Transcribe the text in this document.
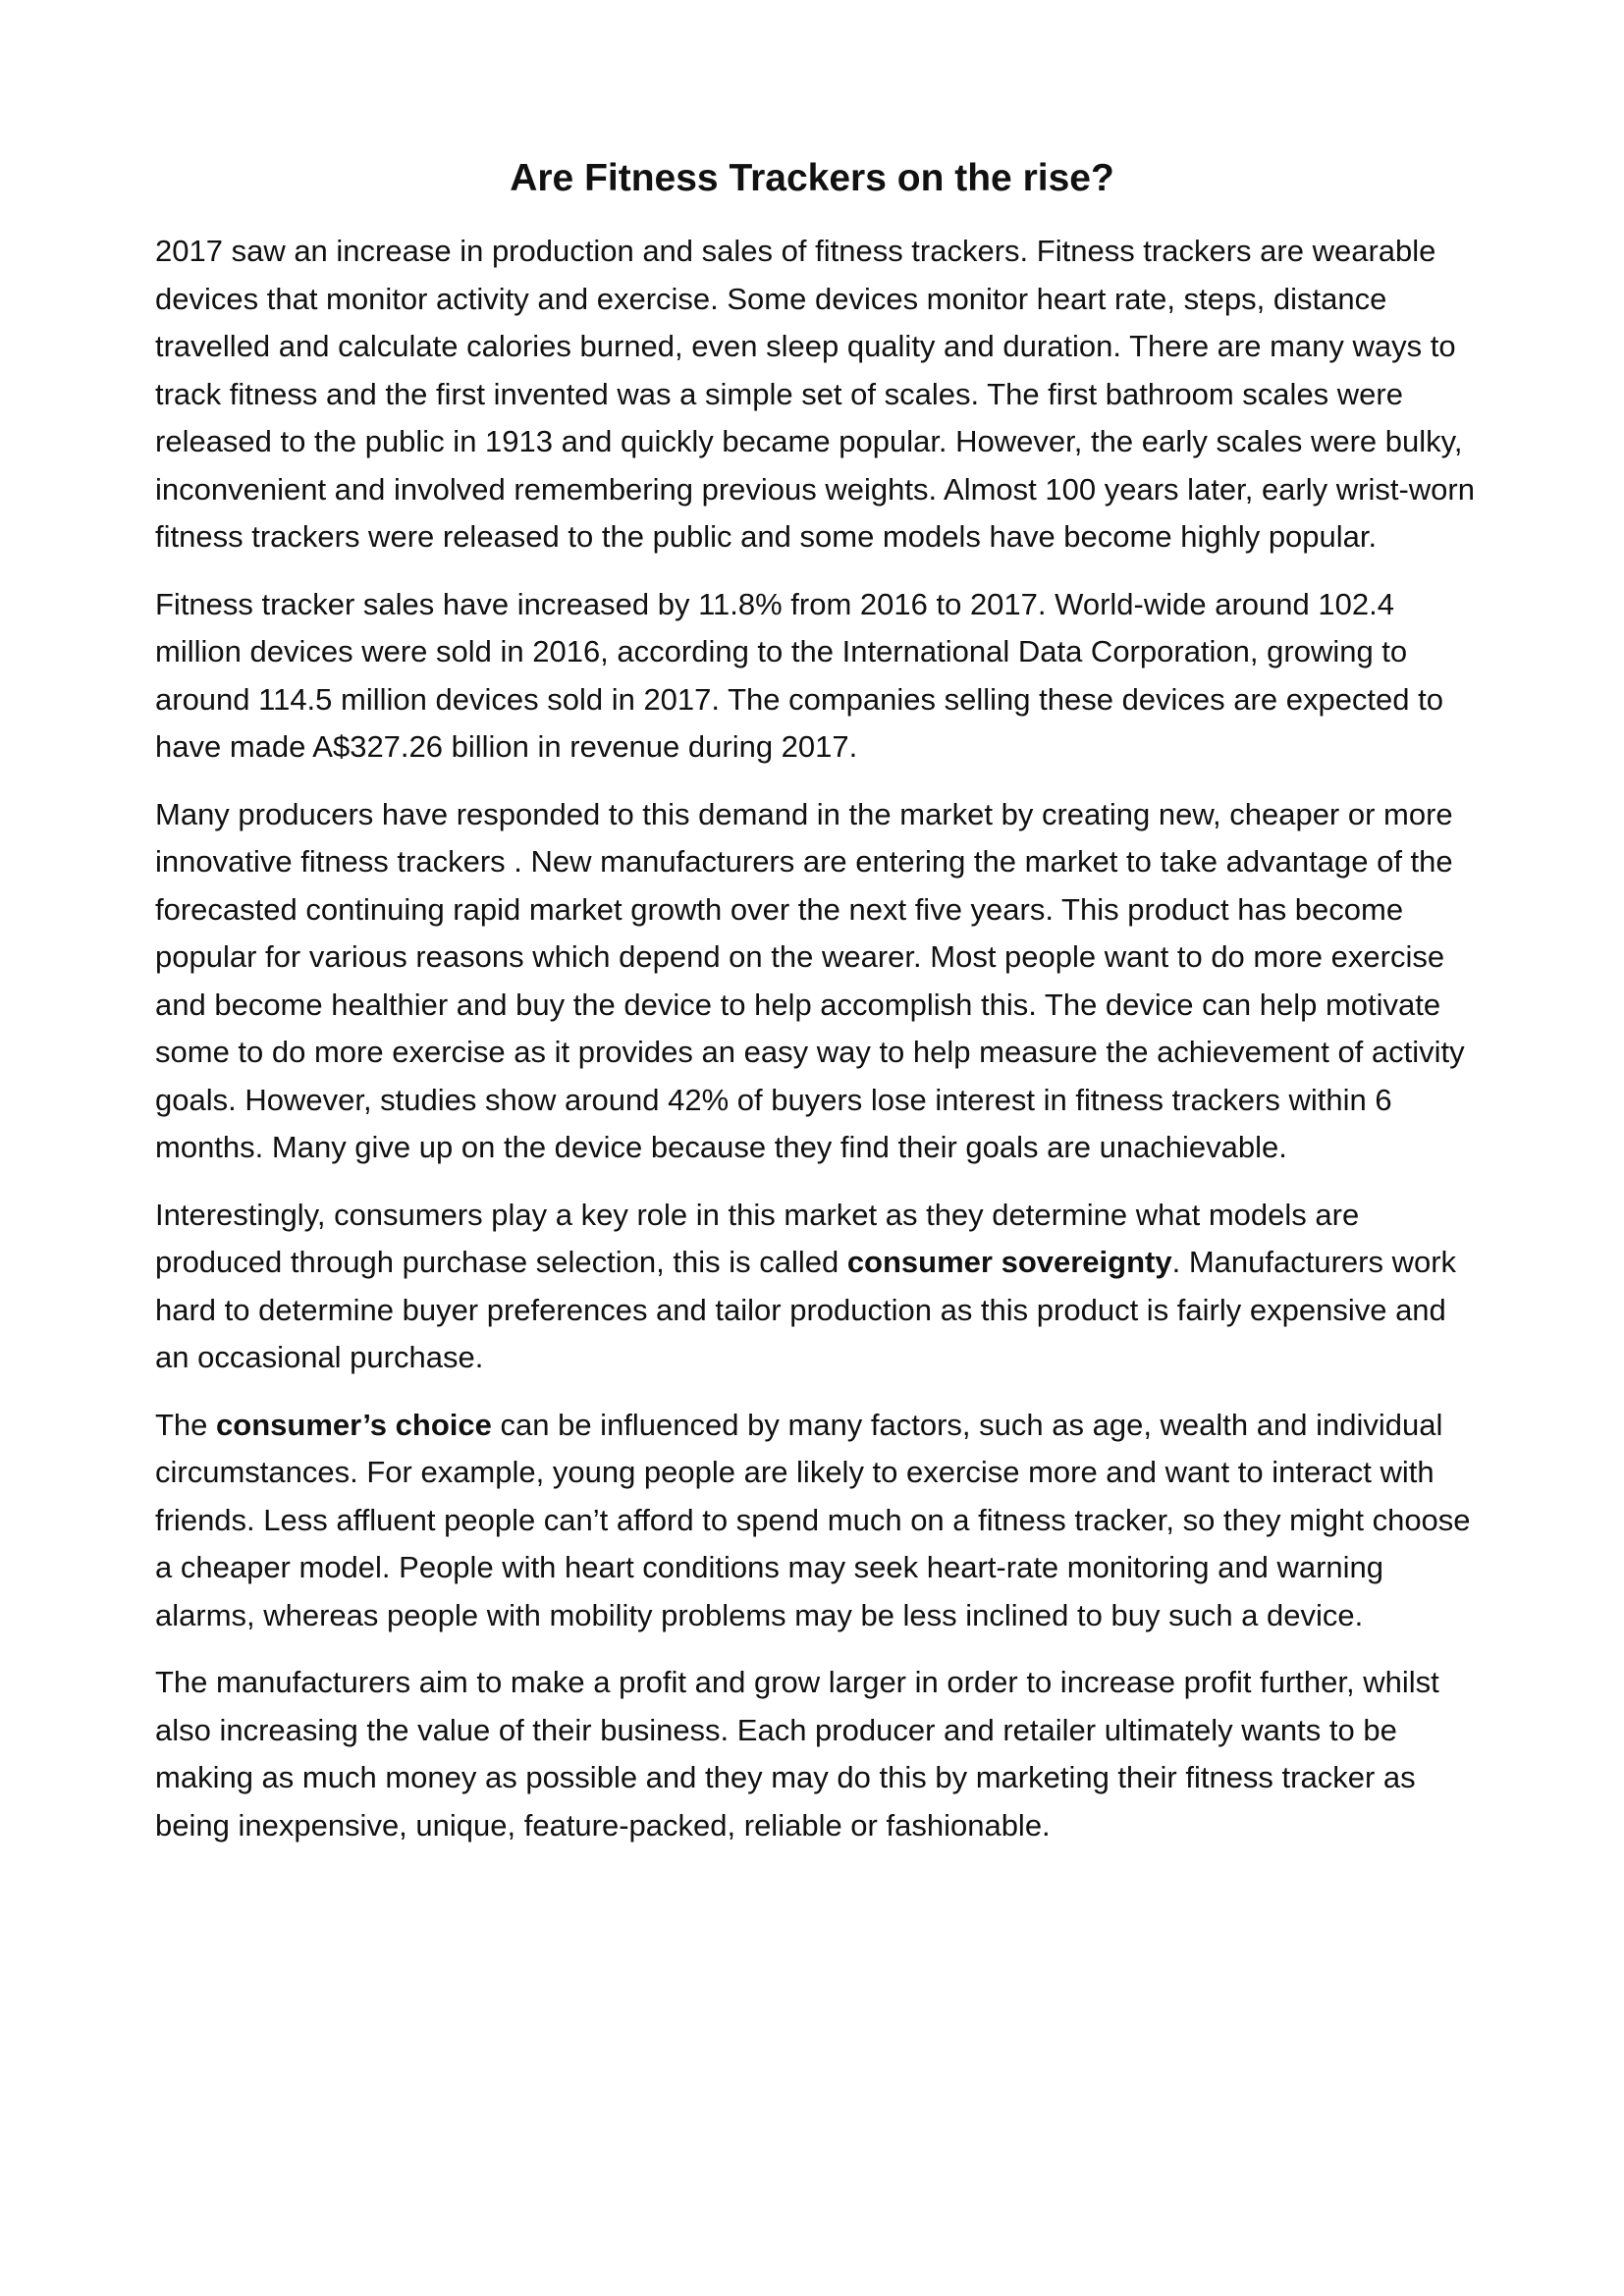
Are Fitness Trackers on the rise?

2017 saw an increase in production and sales of fitness trackers. Fitness trackers are wearable devices that monitor activity and exercise. Some devices monitor heart rate, steps, distance travelled and calculate calories burned, even sleep quality and duration. There are many ways to track fitness and the first invented was a simple set of scales. The first bathroom scales were released to the public in 1913 and quickly became popular. However, the early scales were bulky, inconvenient and involved remembering previous weights. Almost 100 years later, early wrist-worn fitness trackers were released to the public and some models have become highly popular.

Fitness tracker sales have increased by 11.8% from 2016 to 2017. World-wide around 102.4 million devices were sold in 2016, according to the International Data Corporation, growing to around 114.5 million devices sold in 2017. The companies selling these devices are expected to have made A$327.26 billion in revenue during 2017.

Many producers have responded to this demand in the market by creating new, cheaper or more innovative fitness trackers . New manufacturers are entering the market to take advantage of the forecasted continuing rapid market growth over the next five years. This product has become popular for various reasons which depend on the wearer. Most people want to do more exercise and become healthier and buy the device to help accomplish this. The device can help motivate some to do more exercise as it provides an easy way to help measure the achievement of activity goals. However, studies show around 42% of buyers lose interest in fitness trackers within 6 months. Many give up on the device because they find their goals are unachievable.

Interestingly, consumers play a key role in this market as they determine what models are produced through purchase selection, this is called consumer sovereignty. Manufacturers work hard to determine buyer preferences and tailor production as this product is fairly expensive and an occasional purchase.

The consumer’s choice can be influenced by many factors, such as age, wealth and individual circumstances. For example, young people are likely to exercise more and want to interact with friends. Less affluent people can’t afford to spend much on a fitness tracker, so they might choose a cheaper model. People with heart conditions may seek heart-rate monitoring and warning alarms, whereas people with mobility problems may be less inclined to buy such a device.

The manufacturers aim to make a profit and grow larger in order to increase profit further, whilst also increasing the value of their business. Each producer and retailer ultimately wants to be making as much money as possible and they may do this by marketing their fitness tracker as being inexpensive, unique, feature-packed, reliable or fashionable.
